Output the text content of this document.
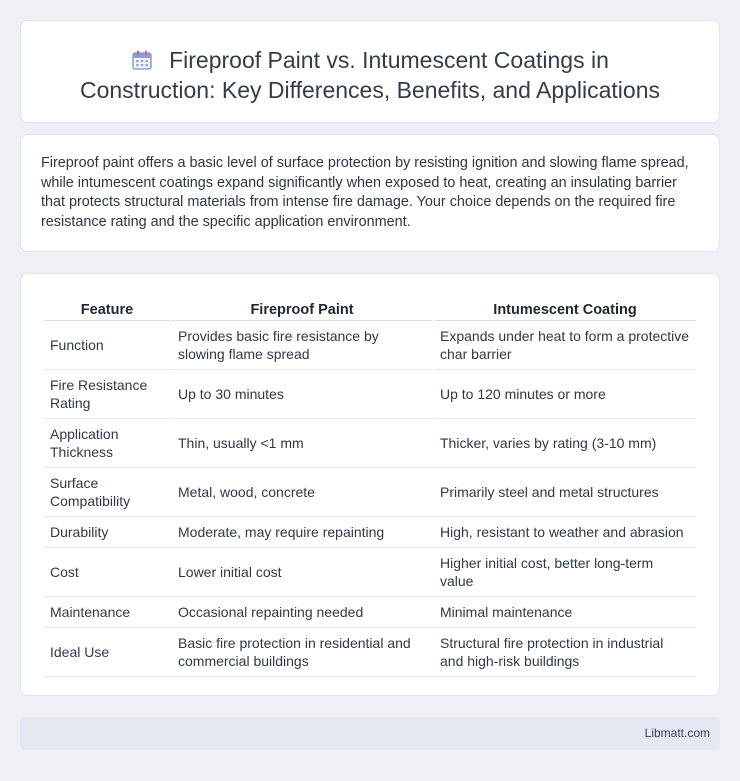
Fireproof Paint vs. Intumescent Coatings in
Construction: Key Differences, Benefits, and Applications

Fireproof paint offers a basic level of surface protection by resisting ignition and slowing flame spread, while intumescent coatings expand significantly when exposed to heat, creating an insulating barrier that protects structural materials from intense fire damage. Your choice depends on the required fire resistance rating and the specific application environment.

Feature	Fireproof Paint	Intumescent Coating
Function	Provides basic fire resistance by slowing flame spread	Expands under heat to form a protective char barrier
Fire Resistance Rating	Up to 30 minutes	Up to 120 minutes or more
Application Thickness	Thin, usually <1 mm	Thicker, varies by rating (3-10 mm)
Surface Compatibility	Metal, wood, concrete	Primarily steel and metal structures
Durability	Moderate, may require repainting	High, resistant to weather and abrasion
Cost	Lower initial cost	Higher initial cost, better long-term value
Maintenance	Occasional repainting needed	Minimal maintenance
Ideal Use	Basic fire protection in residential and commercial buildings	Structural fire protection in industrial and high-risk buildings
Libmatt.com
